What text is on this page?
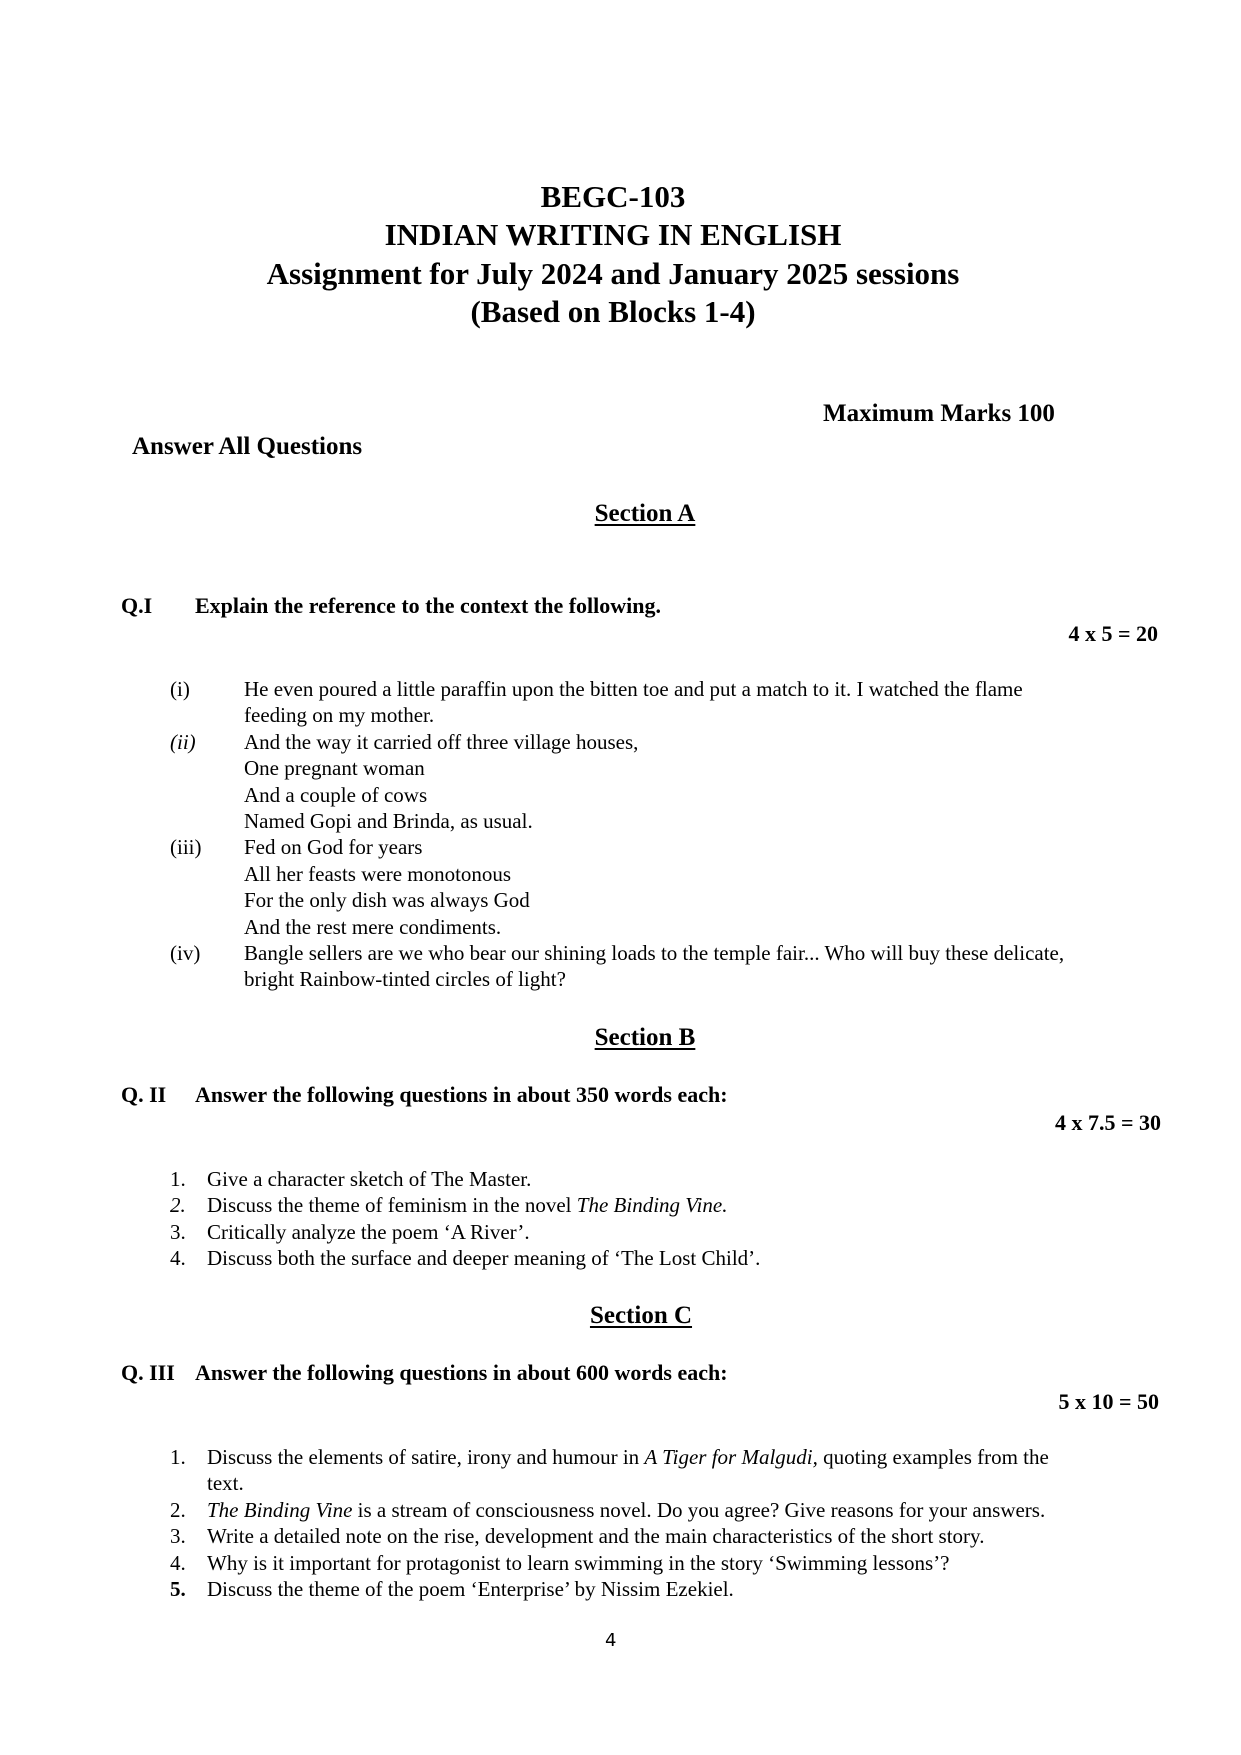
BEGC-103
INDIAN WRITING IN ENGLISH
Assignment for July 2024 and January 2025 sessions
(Based on Blocks 1-4)
Maximum Marks 100
Answer All Questions
Section A
Q.I Explain the reference to the context the following.
4 x 5 = 20
(i)	He even poured a little paraffin upon the bitten toe and put a match to it. I watched the flame
feeding on my mother.
(ii)	And the way it carried off three village houses,
One pregnant woman
And a couple of cows
Named Gopi and Brinda, as usual.
(iii)	Fed on God for years
All her feasts were monotonous
For the only dish was always God
And the rest mere condiments.
(iv)	Bangle sellers are we who bear our shining loads to the temple fair... Who will buy these delicate,
bright Rainbow-tinted circles of light?
Section B
Q. II Answer the following questions in about 350 words each:
4 x 7.5 = 30
1.	Give a character sketch of The Master.
2.	Discuss the theme of feminism in the novel The Binding Vine.
3.	Critically analyze the poem ‘A River’.
4.	Discuss both the surface and deeper meaning of ‘The Lost Child’.
Section C
Q. III Answer the following questions in about 600 words each:
5 x 10 = 50
1.	Discuss the elements of satire, irony and humour in A Tiger for Malgudi, quoting examples from the
text.
2.	The Binding Vine is a stream of consciousness novel. Do you agree? Give reasons for your answers.
3.	Write a detailed note on the rise, development and the main characteristics of the short story.
4.	Why is it important for protagonist to learn swimming in the story ‘Swimming lessons’?
5.	Discuss the theme of the poem ‘Enterprise’ by Nissim Ezekiel.
4
